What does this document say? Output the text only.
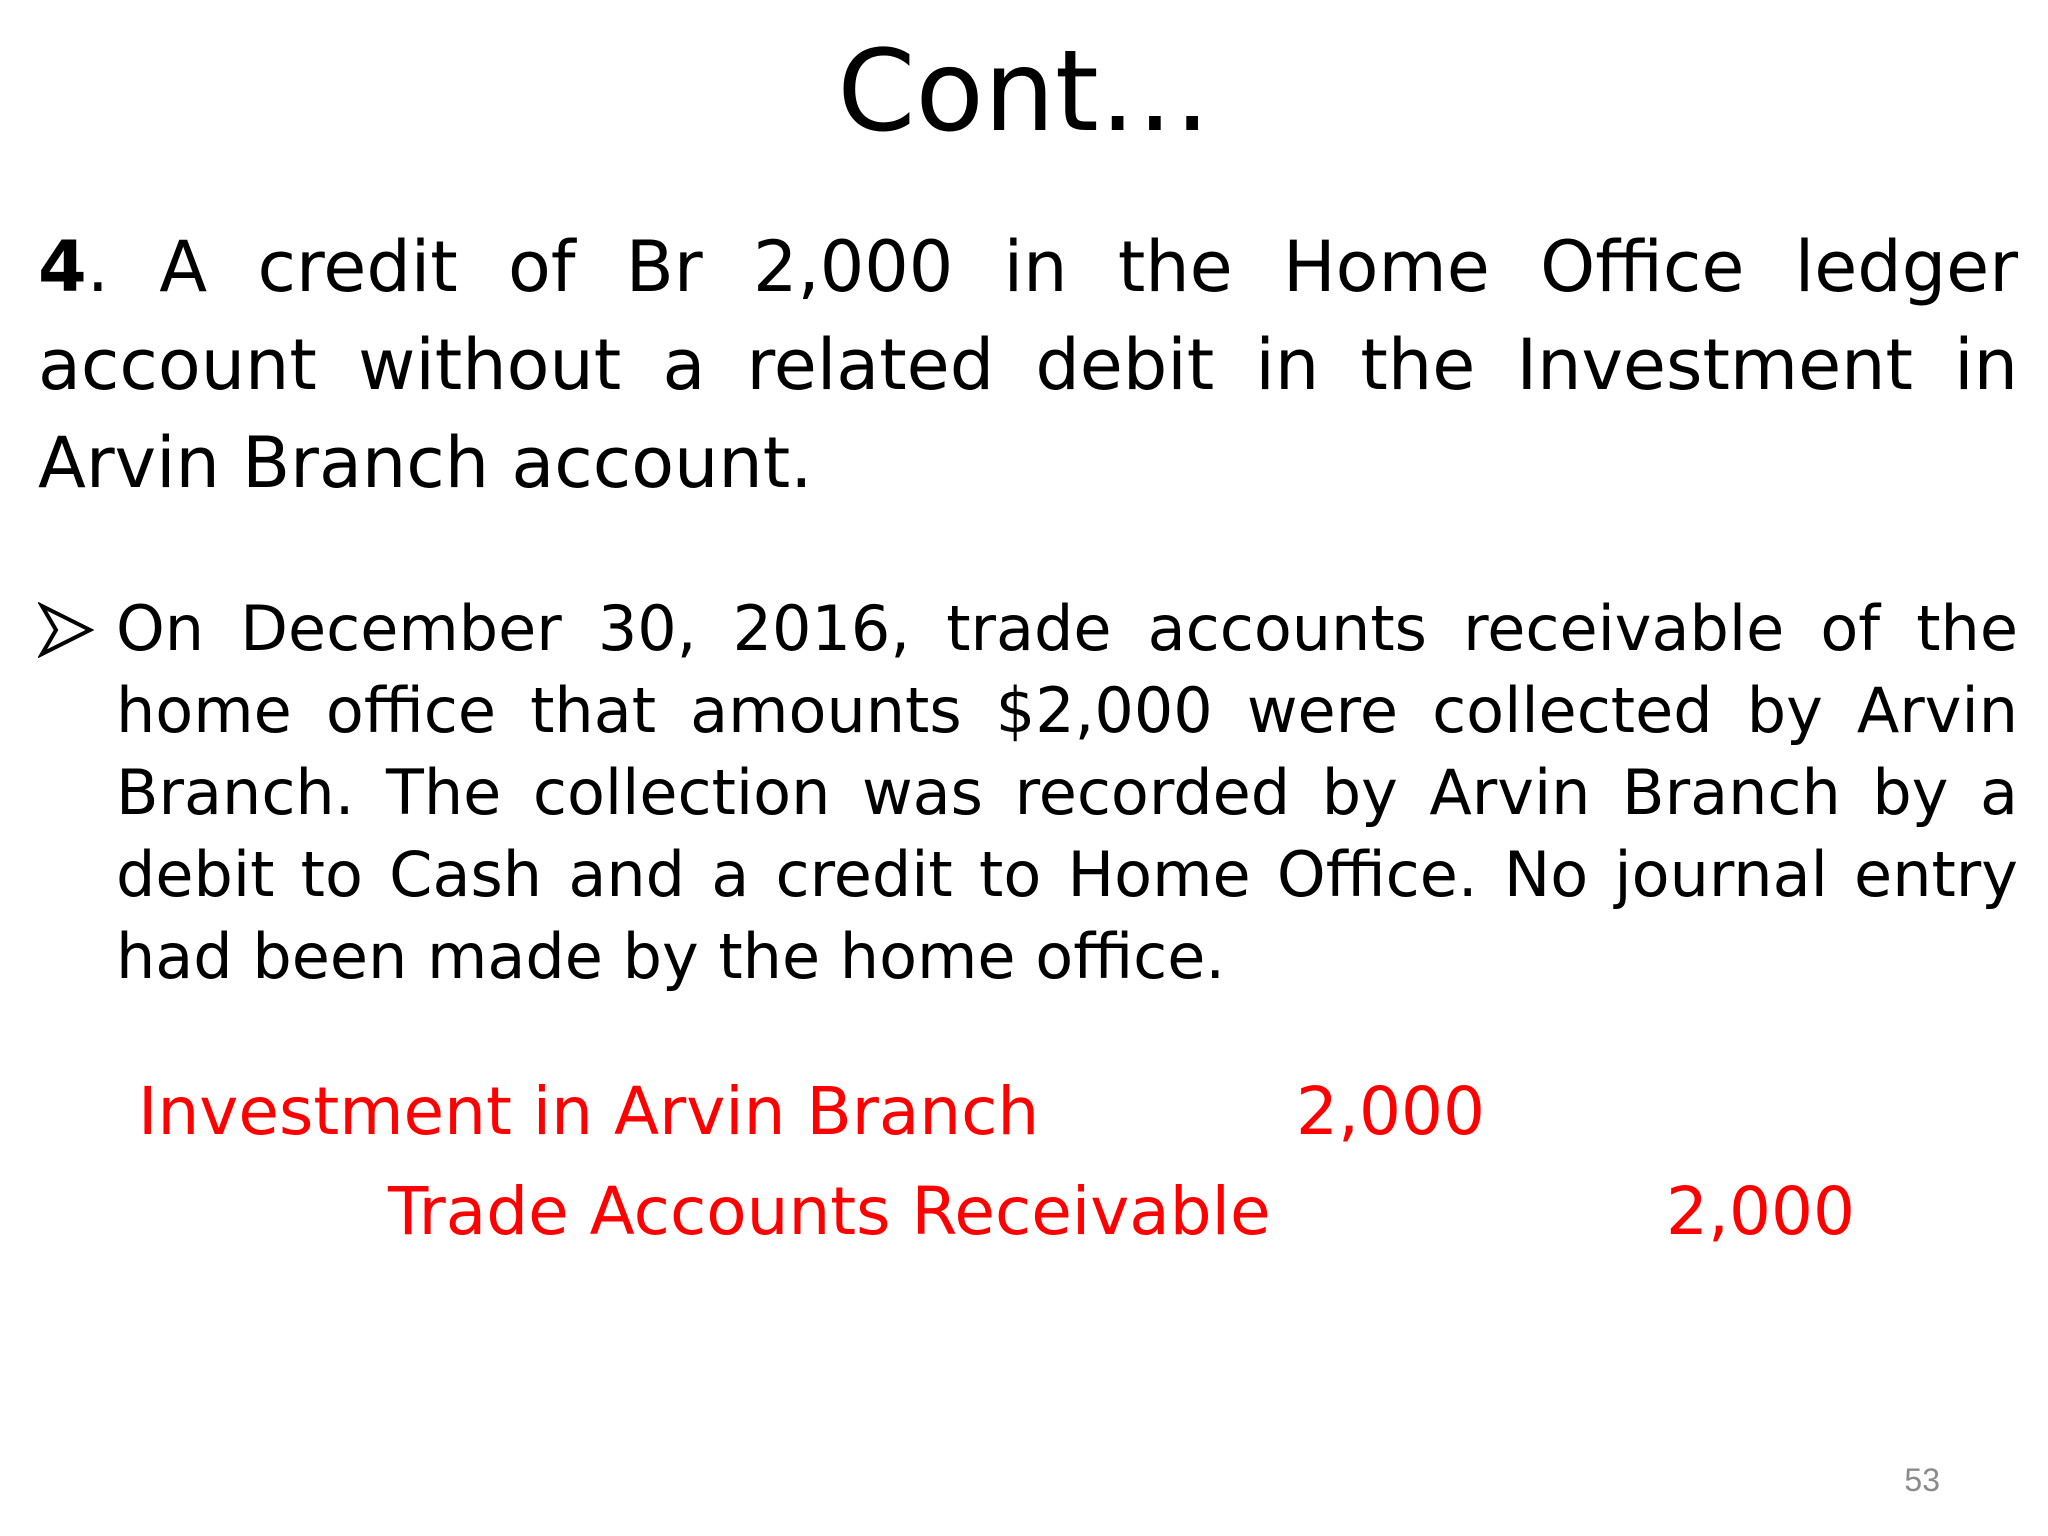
Cont…

4. A credit of Br 2,000 in the Home Office ledger account without a related debit in the Investment in Arvin Branch account.

On December 30, 2016, trade accounts receivable of the home office that amounts $2,000 were collected by Arvin Branch. The collection was recorded by Arvin Branch by a debit to Cash and a credit to Home Office. No journal entry had been made by the home office.

Investment in Arvin Branch	2,000
Trade Accounts Receivable	2,000
53
